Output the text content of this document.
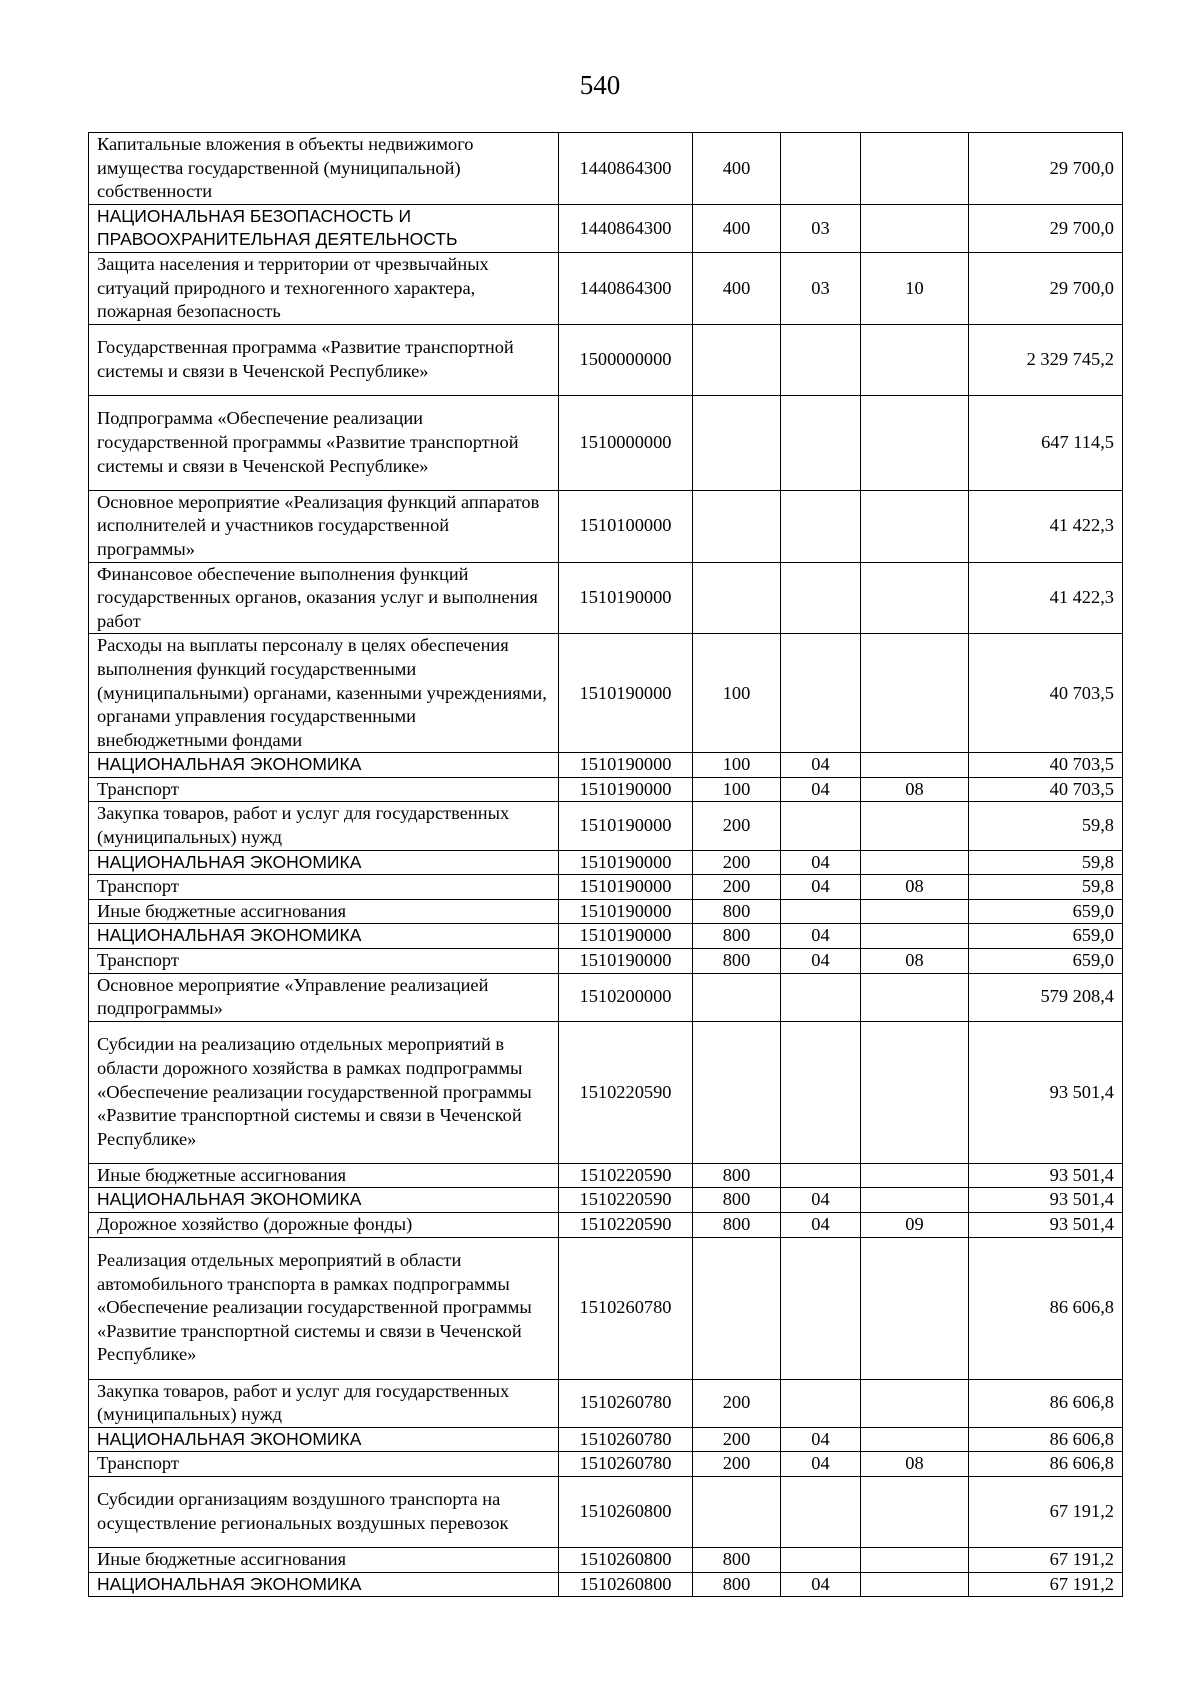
540
Капитальные вложения в объекты недвижимого имущества государственной (муниципальной) собственности	1440864300	400			29 700,0
НАЦИОНАЛЬНАЯ БЕЗОПАСНОСТЬ И ПРАВООХРАНИТЕЛЬНАЯ ДЕЯТЕЛЬНОСТЬ	1440864300	400	03		29 700,0
Защита населения и территории от чрезвычайных ситуаций природного и техногенного характера, пожарная безопасность	1440864300	400	03	10	29 700,0
Государственная программа «Развитие транспортной системы и связи в Чеченской Республике»	1500000000				2 329 745,2
Подпрограмма «Обеспечение реализации государственной программы «Развитие транспортной системы и связи в Чеченской Республике»	1510000000				647 114,5
Основное мероприятие «Реализация функций аппаратов исполнителей и участников государственной программы»	1510100000				41 422,3
Финансовое обеспечение выполнения функций государственных органов, оказания услуг и выполнения работ	1510190000				41 422,3
Расходы на выплаты персоналу в целях обеспечения выполнения функций государственными (муниципальными) органами, казенными учреждениями, органами управления государственными внебюджетными фондами	1510190000	100			40 703,5
НАЦИОНАЛЬНАЯ ЭКОНОМИКА	1510190000	100	04		40 703,5
Транспорт	1510190000	100	04	08	40 703,5
Закупка товаров, работ и услуг для государственных (муниципальных) нужд	1510190000	200			59,8
НАЦИОНАЛЬНАЯ ЭКОНОМИКА	1510190000	200	04		59,8
Транспорт	1510190000	200	04	08	59,8
Иные бюджетные ассигнования	1510190000	800			659,0
НАЦИОНАЛЬНАЯ ЭКОНОМИКА	1510190000	800	04		659,0
Транспорт	1510190000	800	04	08	659,0
Основное мероприятие «Управление реализацией подпрограммы»	1510200000				579 208,4
Субсидии на реализацию отдельных мероприятий в области дорожного хозяйства в рамках подпрограммы «Обеспечение реализации государственной программы «Развитие транспортной системы и связи в Чеченской Республике»	1510220590				93 501,4
Иные бюджетные ассигнования	1510220590	800			93 501,4
НАЦИОНАЛЬНАЯ ЭКОНОМИКА	1510220590	800	04		93 501,4
Дорожное хозяйство (дорожные фонды)	1510220590	800	04	09	93 501,4
Реализация отдельных мероприятий в области автомобильного транспорта в рамках подпрограммы «Обеспечение реализации государственной программы «Развитие транспортной системы и связи в Чеченской Республике»	1510260780				86 606,8
Закупка товаров, работ и услуг для государственных (муниципальных) нужд	1510260780	200			86 606,8
НАЦИОНАЛЬНАЯ ЭКОНОМИКА	1510260780	200	04		86 606,8
Транспорт	1510260780	200	04	08	86 606,8
Субсидии организациям воздушного транспорта на осуществление региональных воздушных перевозок	1510260800				67 191,2
Иные бюджетные ассигнования	1510260800	800			67 191,2
НАЦИОНАЛЬНАЯ ЭКОНОМИКА	1510260800	800	04		67 191,2
